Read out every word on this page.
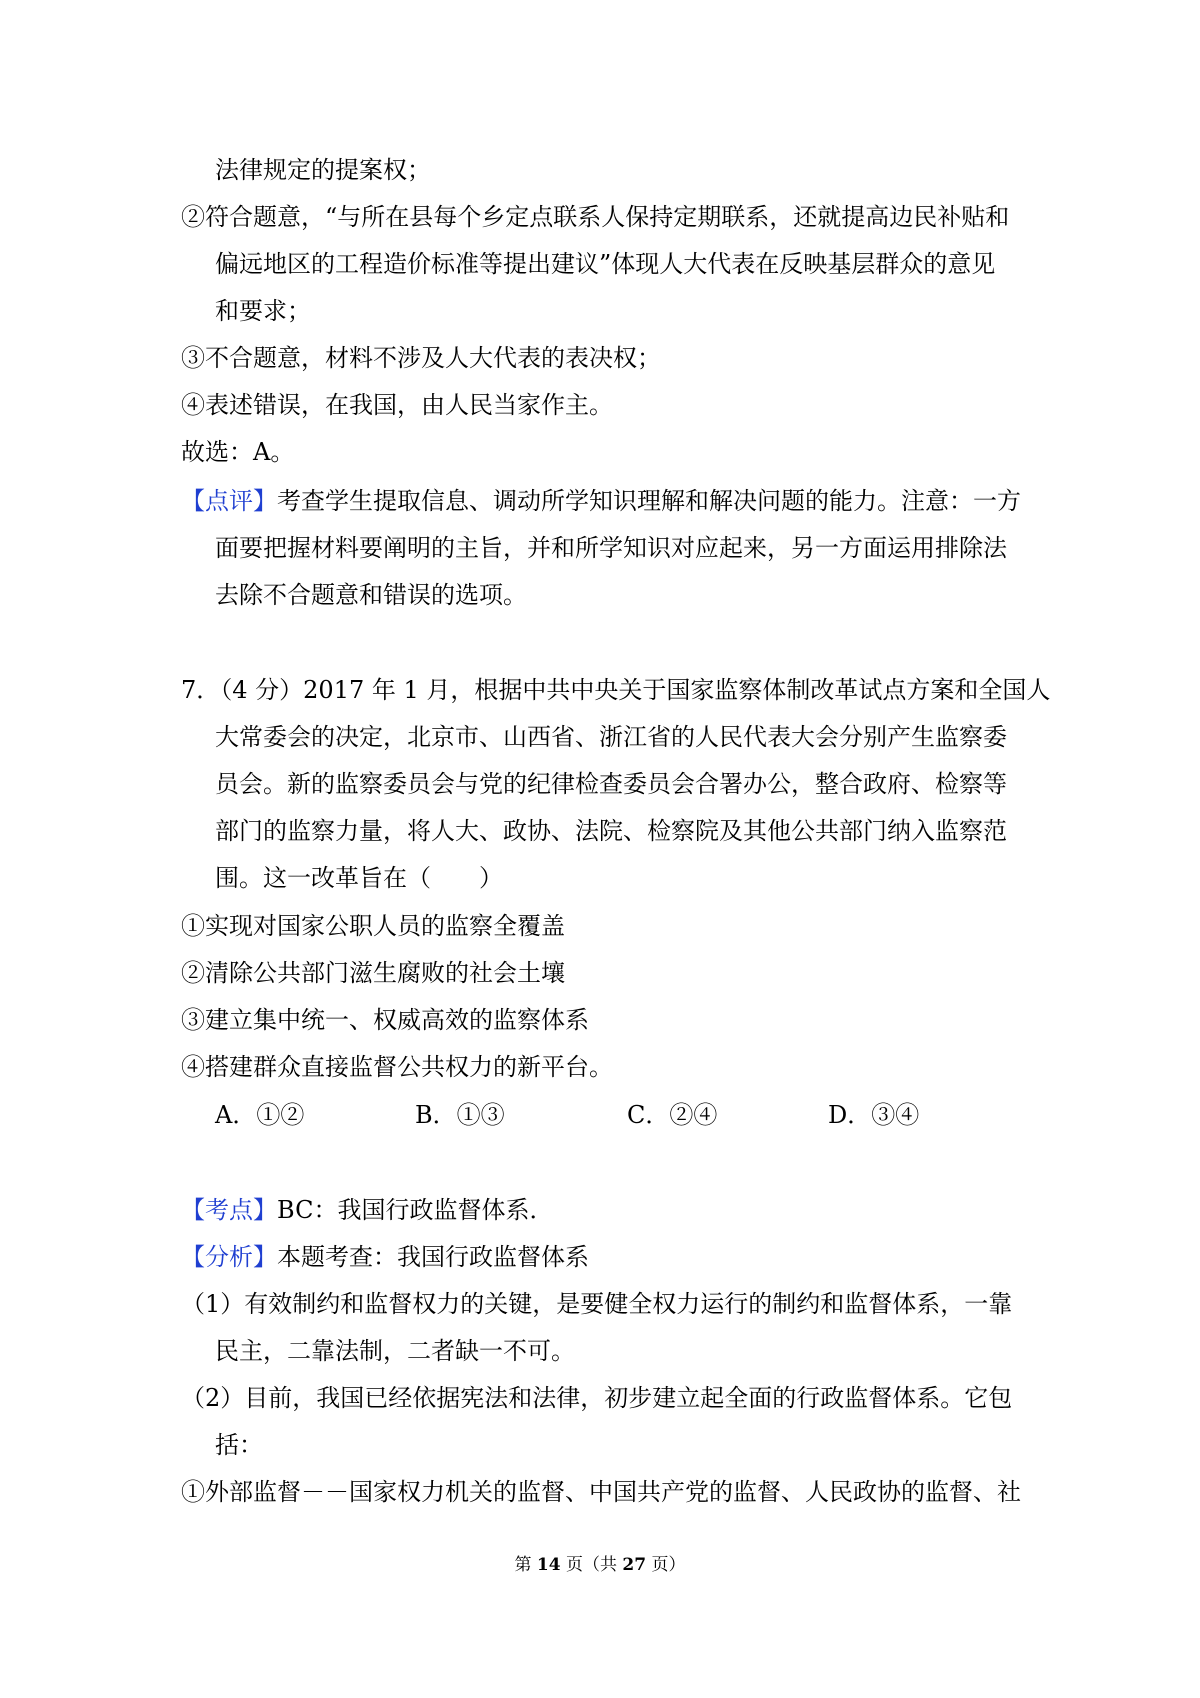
法律规定的提案权；
②符合题意，“与所在县每个乡定点联系人保持定期联系，还就提高边民补贴和
偏远地区的工程造价标准等提出建议”体现人大代表在反映基层群众的意见
和要求；
③不合题意，材料不涉及人大代表的表决权；
④表述错误，在我国，由人民当家作主。
故选：A。
【点评】考查学生提取信息、调动所学知识理解和解决问题的能力。注意：一方
面要把握材料要阐明的主旨，并和所学知识对应起来，另一方面运用排除法
去除不合题意和错误的选项。
7．（4 分）2017 年 1 月，根据中共中央关于国家监察体制改革试点方案和全国人
大常委会的决定，北京市、山西省、浙江省的人民代表大会分别产生监察委
员会。新的监察委员会与党的纪律检查委员会合署办公，整合政府、检察等
部门的监察力量，将人大、政协、法院、检察院及其他公共部门纳入监察范
围。这一改革旨在（　　）
①实现对国家公职人员的监察全覆盖
②清除公共部门滋生腐败的社会土壤
③建立集中统一、权威高效的监察体系
④搭建群众直接监督公共权力的新平台。
A．①②	B．①③	C．②④	D．③④
【考点】BC：我国行政监督体系．
【分析】本题考查：我国行政监督体系
（1）有效制约和监督权力的关键，是要健全权力运行的制约和监督体系，一靠
民主，二靠法制，二者缺一不可。
（2）目前，我国已经依据宪法和法律，初步建立起全面的行政监督体系。它包
括：
①外部监督－－国家权力机关的监督、中国共产党的监督、人民政协的监督、社
第 14 页（共 27 页）
